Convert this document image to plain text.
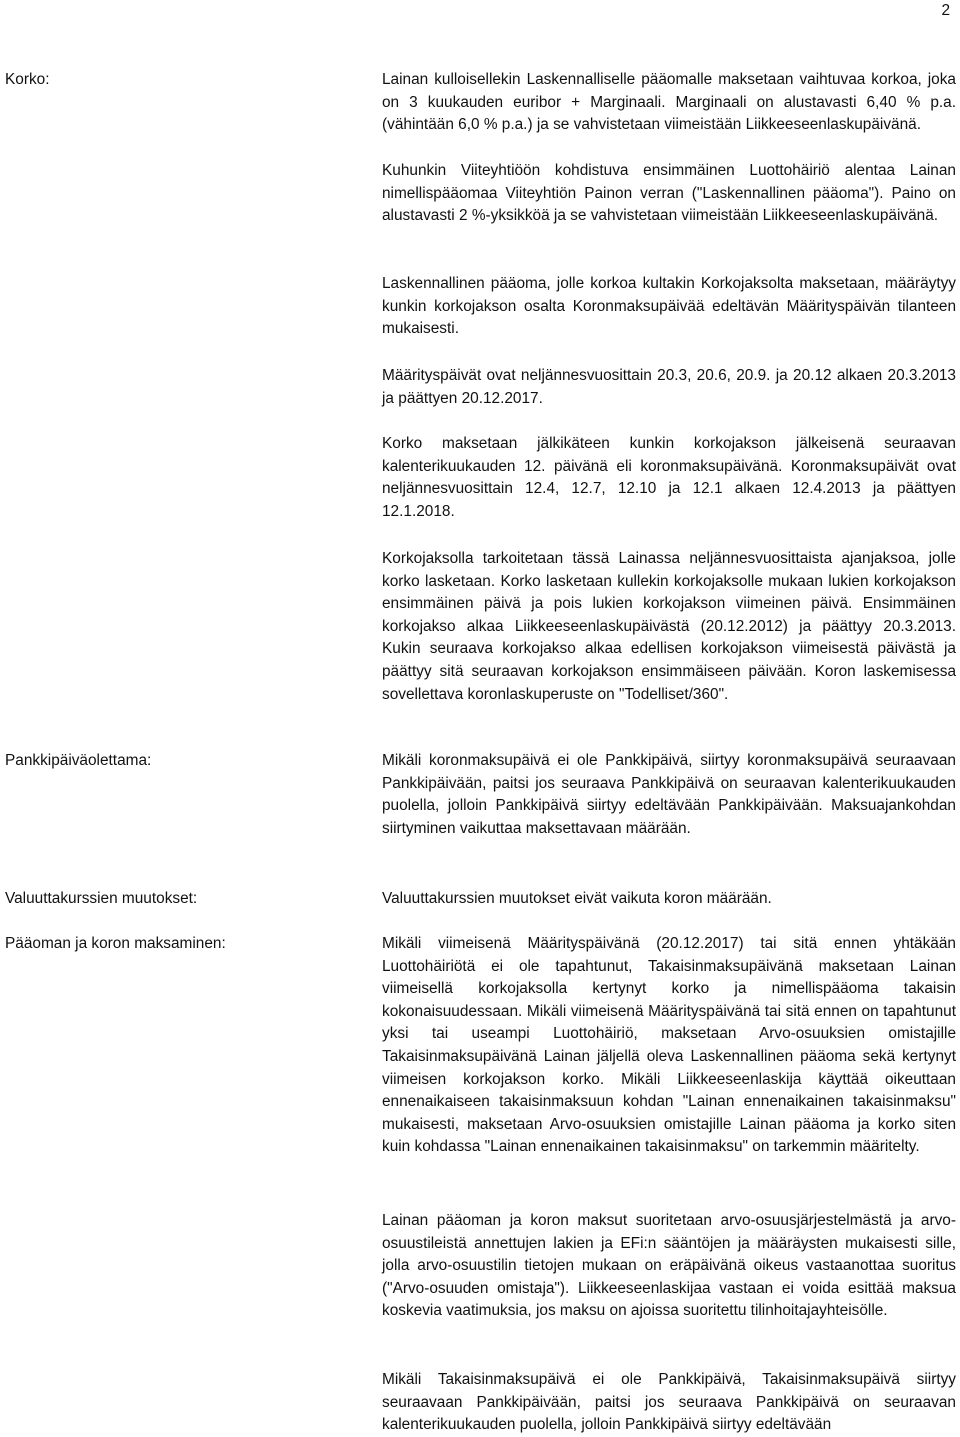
2
Korko:	Lainan kulloisellekin Laskennalliselle pääomalle maksetaan vaihtuvaa korkoa, joka on 3 kuukauden euribor + Marginaali. Marginaali on alustavasti 6,40 % p.a. (vähintään 6,0 % p.a.) ja se vahvistetaan viimeistään Liikkeeseenlaskupäivänä.

Kuhunkin Viiteyhtiöön kohdistuva ensimmäinen Luottohäiriö alentaa Lainan nimellispääomaa Viiteyhtiön Painon verran ("Laskennallinen pääoma"). Paino on alustavasti 2 %-yksikköä ja se vahvistetaan viimeistään Liikkeeseenlaskupäivänä.

Laskennallinen pääoma, jolle korkoa kultakin Korkojaksolta maksetaan, määräytyy kunkin korkojakson osalta Koronmaksupäivää edeltävän Määrityspäivän tilanteen mukaisesti.

Määrityspäivät ovat neljännesvuosittain 20.3, 20.6, 20.9. ja 20.12 alkaen 20.3.2013 ja päättyen 20.12.2017.

Korko maksetaan jälkikäteen kunkin korkojakson jälkeisenä seuraavan kalenterikuukauden 12. päivänä eli koronmaksupäivänä. Koronmaksupäivät ovat neljännesvuosittain 12.4, 12.7, 12.10 ja 12.1 alkaen 12.4.2013 ja päättyen 12.1.2018.

Korkojaksolla tarkoitetaan tässä Lainassa neljännesvuosittaista ajanjaksoa, jolle korko lasketaan. Korko lasketaan kullekin korkojaksolle mukaan lukien korkojakson ensimmäinen päivä ja pois lukien korkojakson viimeinen päivä. Ensimmäinen korkojakso alkaa Liikkeeseenlaskupäivästä (20.12.2012) ja päättyy 20.3.2013. Kukin seuraava korkojakso alkaa edellisen korkojakson viimeisestä päivästä ja päättyy sitä seuraavan korkojakson ensimmäiseen päivään. Koron laskemisessa sovellettava koronlaskuperuste on "Todelliset/360".

Pankkipäiväolettama:	Mikäli koronmaksupäivä ei ole Pankkipäivä, siirtyy koronmaksupäivä seuraavaan Pankkipäivään, paitsi jos seuraava Pankkipäivä on seuraavan kalenterikuukauden puolella, jolloin Pankkipäivä siirtyy edeltävään Pankkipäivään. Maksuajankohdan siirtyminen vaikuttaa maksettavaan määrään.

Valuuttakurssien muutokset:	Valuuttakurssien muutokset eivät vaikuta koron määrään.

Pääoman ja koron maksaminen:	Mikäli viimeisenä Määrityspäivänä (20.12.2017) tai sitä ennen yhtäkään Luottohäiriötä ei ole tapahtunut, Takaisinmaksupäivänä maksetaan Lainan viimeisellä korkojaksolla kertynyt korko ja nimellispääoma takaisin kokonaisuudessaan. Mikäli viimeisenä Määrityspäivänä tai sitä ennen on tapahtunut yksi tai useampi Luottohäiriö, maksetaan Arvo-osuuksien omistajille Takaisinmaksupäivänä Lainan jäljellä oleva Laskennallinen pääoma sekä kertynyt viimeisen korkojakson korko. Mikäli Liikkeeseenlaskija käyttää oikeuttaan ennenaikaiseen takaisinmaksuun kohdan "Lainan ennenaikainen takaisinmaksu" mukaisesti, maksetaan Arvo-osuuksien omistajille Lainan pääoma ja korko siten kuin kohdassa "Lainan ennenaikainen takaisinmaksu" on tarkemmin määritelty.

Lainan pääoman ja koron maksut suoritetaan arvo-osuusjärjestelmästä ja arvo-osuustileistä annettujen lakien ja EFi:n sääntöjen ja määräysten mukaisesti sille, jolla arvo-osuustilin tietojen mukaan on eräpäivänä oikeus vastaanottaa suoritus ("Arvo-osuuden omistaja"). Liikkeeseenlaskijaa vastaan ei voida esittää maksua koskevia vaatimuksia, jos maksu on ajoissa suoritettu tilinhoitajayhteisölle.

Mikäli Takaisinmaksupäivä ei ole Pankkipäivä, Takaisinmaksupäivä siirtyy seuraavaan Pankkipäivään, paitsi jos seuraava Pankkipäivä on seuraavan kalenterikuukauden puolella, jolloin Pankkipäivä siirtyy edeltävään
